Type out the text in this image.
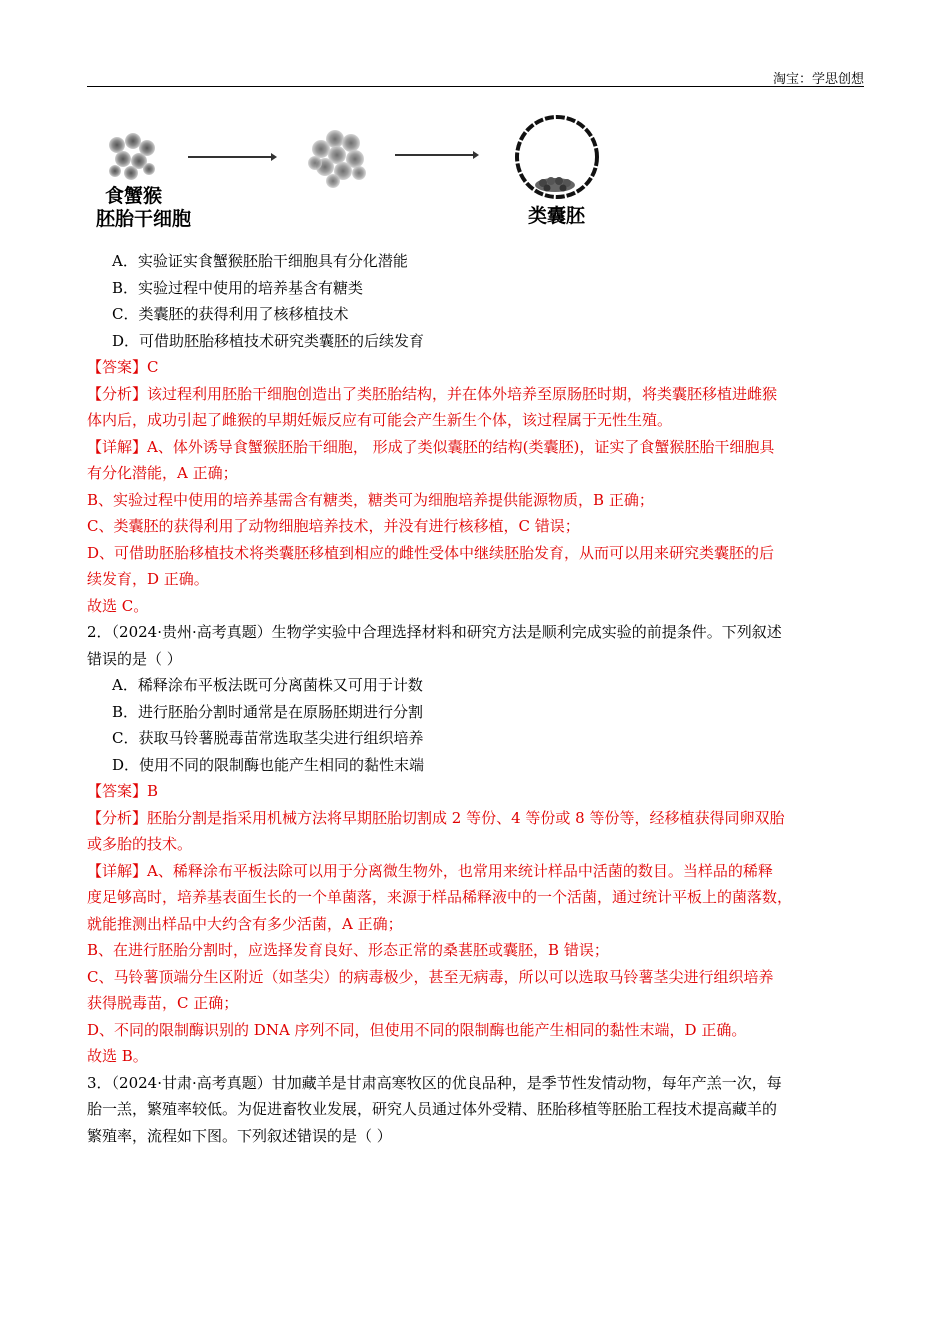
淘宝：学思创想
食蟹猴
胚胎干细胞	类囊胚

A．实验证实食蟹猴胚胎干细胞具有分化潜能

B．实验过程中使用的培养基含有糖类

C．类囊胚的获得利用了核移植技术

D．可借助胚胎移植技术研究类囊胚的后续发育

【答案】C

【分析】该过程利用胚胎干细胞创造出了类胚胎结构，并在体外培养至原肠胚时期，将类囊胚移植进雌猴

体内后，成功引起了雌猴的早期妊娠反应有可能会产生新生个体，该过程属于无性生殖。

【详解】A、体外诱导食蟹猴胚胎干细胞， 形成了类似囊胚的结构(类囊胚)，证实了食蟹猴胚胎干细胞具

有分化潜能，A 正确；

B、实验过程中使用的培养基需含有糖类，糖类可为细胞培养提供能源物质，B 正确；

C、类囊胚的获得利用了动物细胞培养技术，并没有进行核移植，C 错误；

D、可借助胚胎移植技术将类囊胚移植到相应的雌性受体中继续胚胎发育，从而可以用来研究类囊胚的后

续发育，D 正确。

故选 C。

2．（2024·贵州·高考真题）生物学实验中合理选择材料和研究方法是顺利完成实验的前提条件。下列叙述

错误的是（ ）

A．稀释涂布平板法既可分离菌株又可用于计数

B．进行胚胎分割时通常是在原肠胚期进行分割

C．获取马铃薯脱毒苗常选取茎尖进行组织培养

D．使用不同的限制酶也能产生相同的黏性末端

【答案】B

【分析】胚胎分割是指采用机械方法将早期胚胎切割成 2 等份、4 等份或 8 等份等，经移植获得同卵双胎

或多胎的技术。

【详解】A、稀释涂布平板法除可以用于分离微生物外，也常用来统计样品中活菌的数目。当样品的稀释

度足够高时，培养基表面生长的一个单菌落，来源于样品稀释液中的一个活菌，通过统计平板上的菌落数，

就能推测出样品中大约含有多少活菌，A 正确；

B、在进行胚胎分割时，应选择发育良好、形态正常的桑葚胚或囊胚，B 错误；

C、马铃薯顶端分生区附近（如茎尖）的病毒极少，甚至无病毒，所以可以选取马铃薯茎尖进行组织培养

获得脱毒苗，C 正确；

D、不同的限制酶识别的 DNA 序列不同，但使用不同的限制酶也能产生相同的黏性末端，D 正确。

故选 B。

3．（2024·甘肃·高考真题）甘加藏羊是甘肃高寒牧区的优良品种，是季节性发情动物，每年产羔一次，每

胎一羔，繁殖率较低。为促进畜牧业发展，研究人员通过体外受精、胚胎移植等胚胎工程技术提高藏羊的

繁殖率，流程如下图。下列叙述错误的是（ ）
